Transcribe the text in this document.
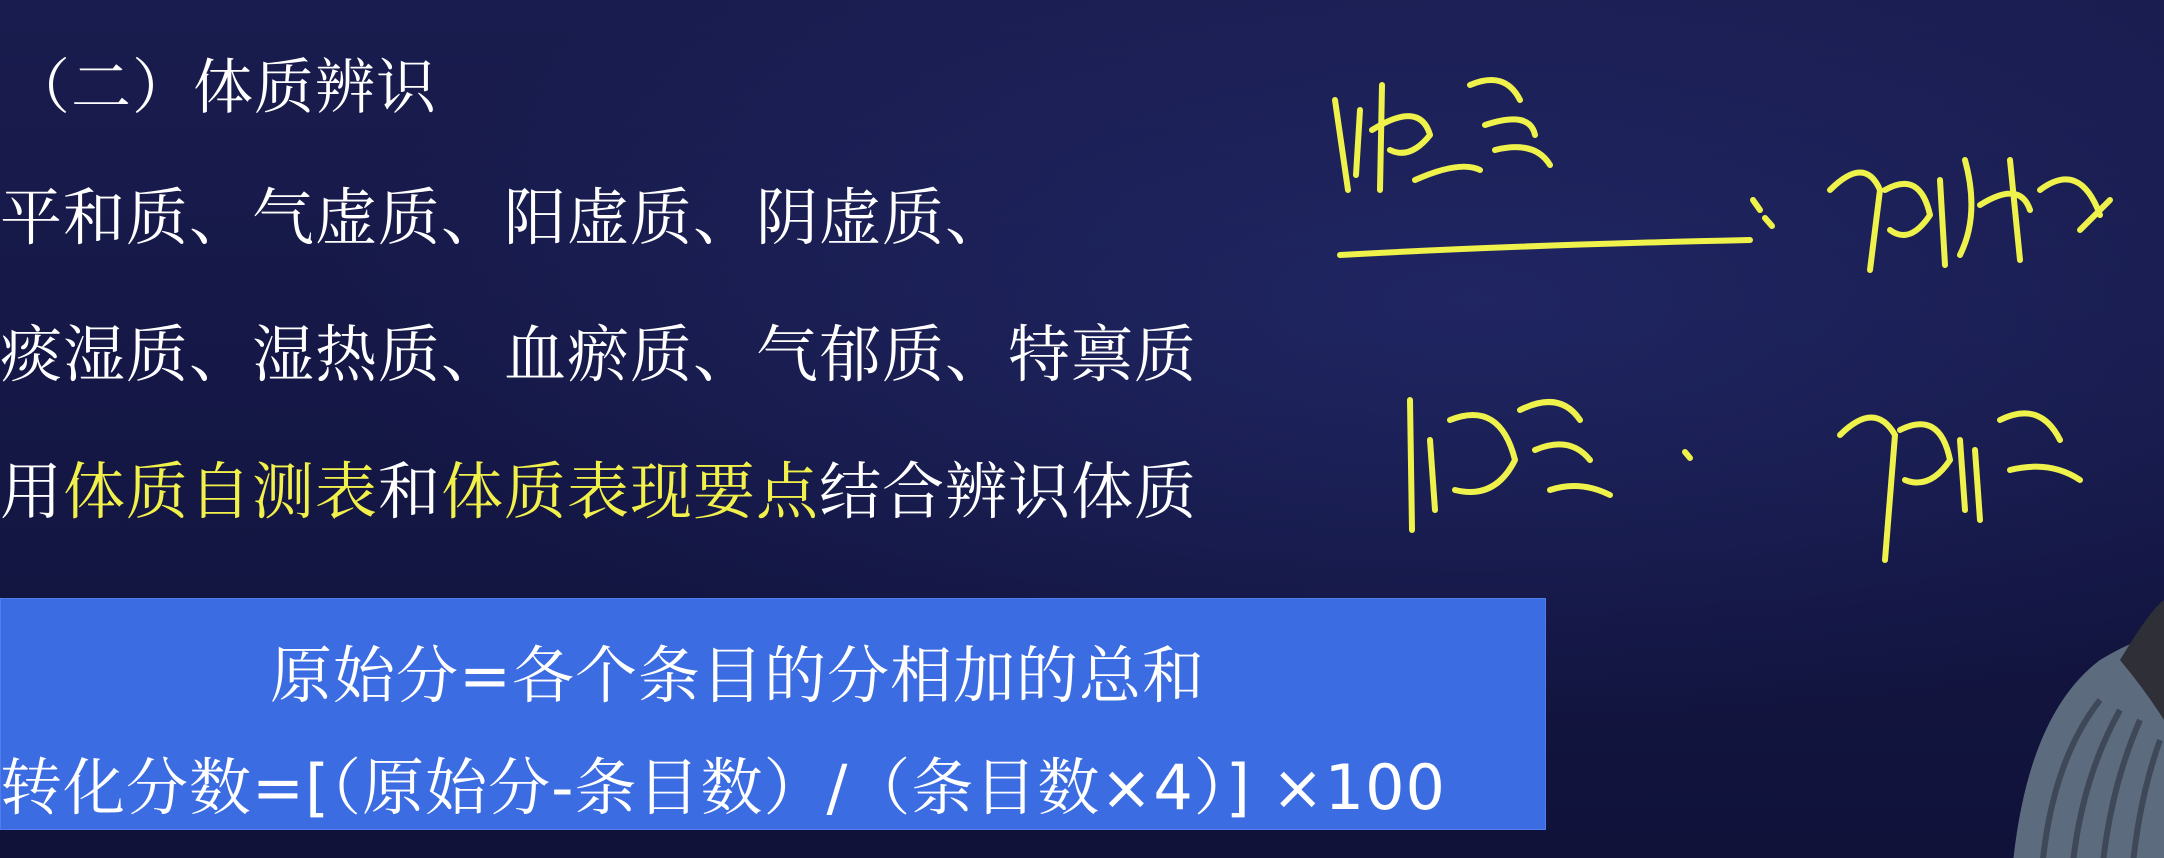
（二）体质辨识
平和质、气虚质、阳虚质、阴虚质、
痰湿质、湿热质、血瘀质、气郁质、特禀质
用体质自测表和体质表现要点结合辨识体质
原始分=各个条目的分相加的总和
转化分数=[（原始分-条目数）/（条目数×4）] ×100
